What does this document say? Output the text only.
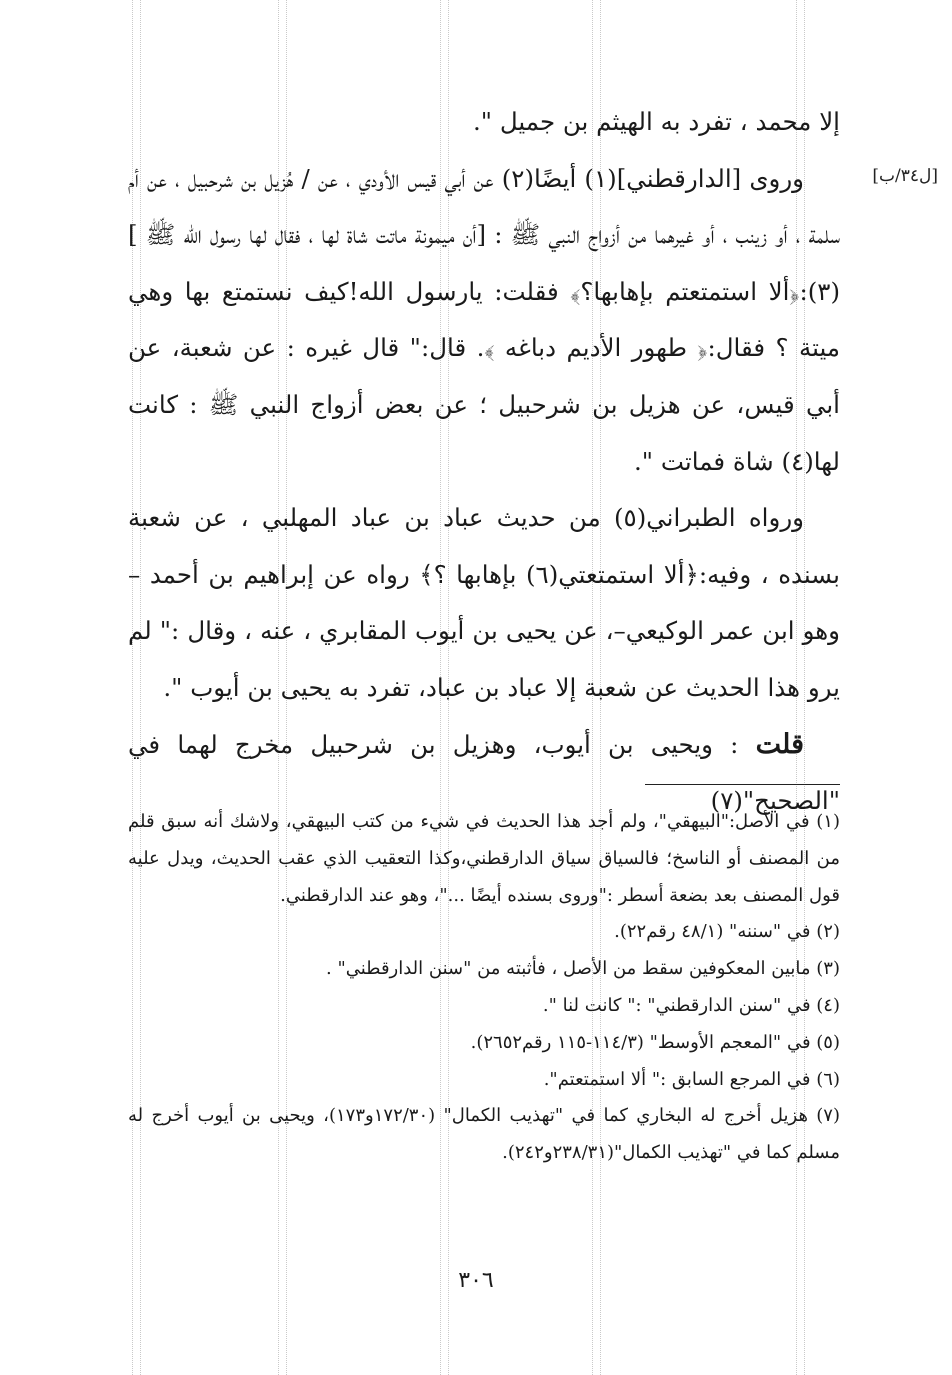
[ل٣٤/ب]

إلا محمد ، تفرد به الهيثم بن جميل ".

وروى [الدارقطني](١) أيضًا(٢) عن أبي قيس الأودي ، عن / هُزيل بن شرحبيل ، عن أم سلمة ، أو زينب ، أو غيرهما من أزواج النبي ﷺ : [أن ميمونة ماتت شاة لها ، فقال لها رسول الله ﷺ ](٣):﴿ألا استمتعتم بإهابها؟﴾ فقلت: يارسول الله!كيف نستمتع بها وهي ميتة ؟ فقال:﴿ طهور الأديم دباغه ﴾. قال:" قال غيره : عن شعبة، عن أبي قيس، عن هزيل بن شرحبيل ؛ عن بعض أزواج النبي ﷺ : كانت لها(٤) شاة فماتت ".

ورواه الطبراني(٥) من حديث عباد بن عباد المهلبي ، عن شعبة بسنده ، وفيه:﴿ألا استمتعتي(٦) بإهابها ؟﴾ رواه عن إبراهيم بن أحمد –وهو ابن عمر الوكيعي–، عن يحيى بن أيوب المقابري ، عنه ، وقال :" لم يرو هذا الحديث عن شعبة إلا عباد بن عباد، تفرد به يحيى بن أيوب ".

قلت : ويحيى بن أيوب، وهزيل بن شرحبيل مخرج لهما في "الصحيح"(٧)

(١) في الأصل:"البيهقي"، ولم أجد هذا الحديث في شيء من كتب البيهقي، ولاشك أنه سبق قلم من المصنف أو الناسخ؛ فالسياق سياق الدارقطني،وكذا التعقيب الذي عقب الحديث، ويدل عليه قول المصنف بعد بضعة أسطر :"وروى بسنده أيضًا ..."، وهو عند الدارقطني.

(٢) في "سننه" (٤٨/١ رقم٢٢).

(٣) مابين المعكوفين سقط من الأصل ، فأثبته من "سنن الدارقطني" .

(٤) في "سنن الدارقطني" :" كانت لنا ".

(٥) في "المعجم الأوسط" (١١٤/٣-١١٥ رقم٢٦٥٢).

(٦) في المرجع السابق :" ألا استمتعتم".

(٧) هزيل أخرج له البخاري كما في "تهذيب الكمال" (١٧٢/٣٠و١٧٣)، ويحيى بن أيوب أخرج له مسلم كما في "تهذيب الكمال"(٢٣٨/٣١و٢٤٢).

٣٠٦
